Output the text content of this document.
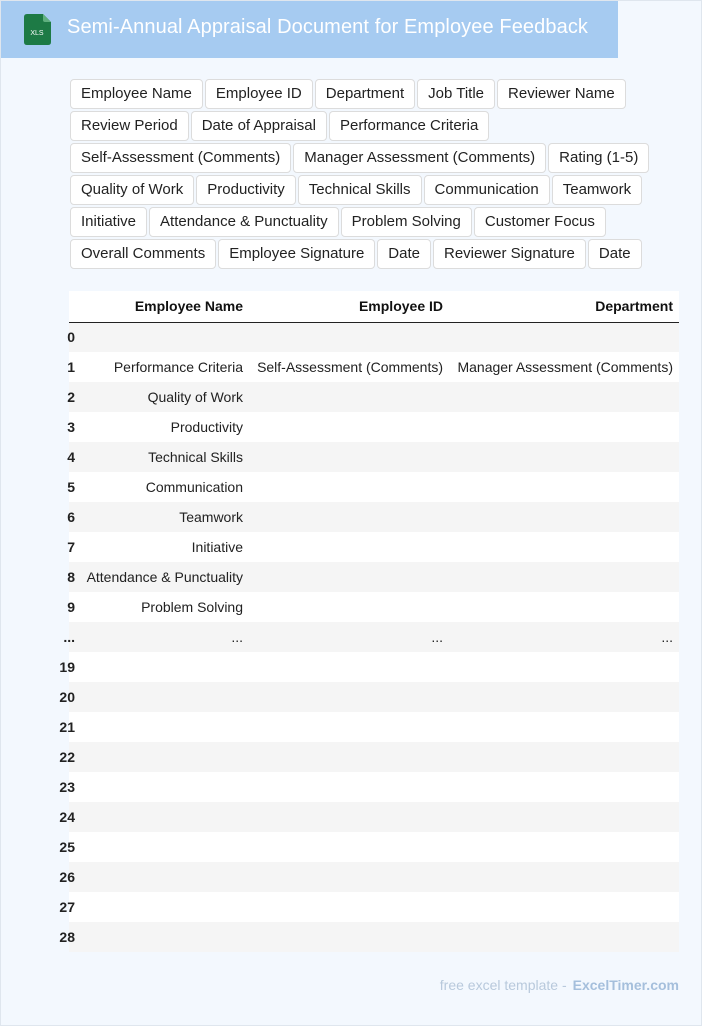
XLS Semi-Annual Appraisal Document for Employee Feedback
Employee Name	Employee ID	Department	Job Title	Reviewer Name
Review Period	Date of Appraisal	Performance Criteria
Self-Assessment (Comments)	Manager Assessment (Comments)	Rating (1-5)
Quality of Work	Productivity	Technical Skills	Communication	Teamwork
Initiative	Attendance & Punctuality	Problem Solving	Customer Focus
Overall Comments	Employee Signature	Date	Reviewer Signature	Date
	Employee Name	Employee ID	Department
0			
1	Performance Criteria	Self-Assessment (Comments)	Manager Assessment (Comments)
2	Quality of Work		
3	Productivity		
4	Technical Skills		
5	Communication		
6	Teamwork		
7	Initiative		
8	Attendance & Punctuality		
9	Problem Solving		
...	...	...	...
19			
20			
21			
22			
23			
24			
25			
26			
27			
28			
free excel template - ExcelTimer.com
